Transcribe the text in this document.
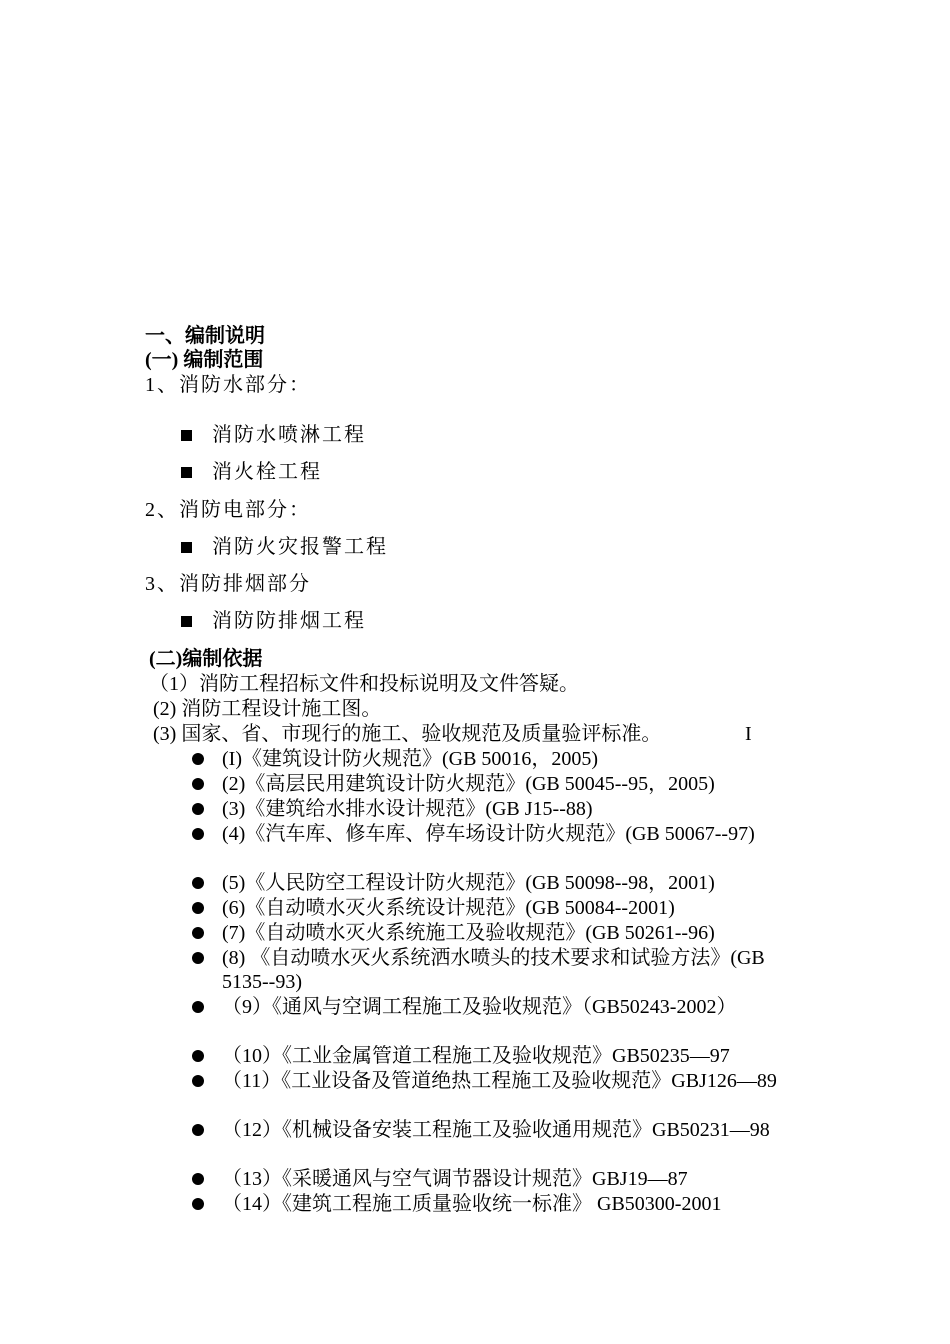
一、编制说明
(一) 编制范围
1、消防水部分：
消防水喷淋工程
消火栓工程
2、消防电部分：
消防火灾报警工程
3、消防排烟部分
消防防排烟工程
(二)编制依据
（1）消防工程招标文件和投标说明及文件答疑。
(2) 消防工程设计施工图。
(3) 国家、省、市现行的施工、验收规范及质量验评标准。	I
(I)《建筑设计防火规范》(GB 50016，2005)
(2)《高层民用建筑设计防火规范》(GB 50045--95，2005)
(3)《建筑给水排水设计规范》(GB J15--88)
(4)《汽车库、修车库、停车场设计防火规范》(GB 50067--97)
(5)《人民防空工程设计防火规范》(GB 50098--98，2001)
(6)《自动喷水灭火系统设计规范》(GB 50084--2001)
(7)《自动喷水灭火系统施工及验收规范》(GB 50261--96)
(8) 《自动喷水灭火系统洒水喷头的技术要求和试验方法》(GB 5135--93)
（9）《通风与空调工程施工及验收规范》（GB50243-2002）
（10）《工业金属管道工程施工及验收规范》GB50235—97
（11）《工业设备及管道绝热工程施工及验收规范》GBJ126—89
（12）《机械设备安装工程施工及验收通用规范》GB50231—98
（13）《采暖通风与空气调节器设计规范》GBJ19—87
（14）《建筑工程施工质量验收统一标准》 GB50300-2001
